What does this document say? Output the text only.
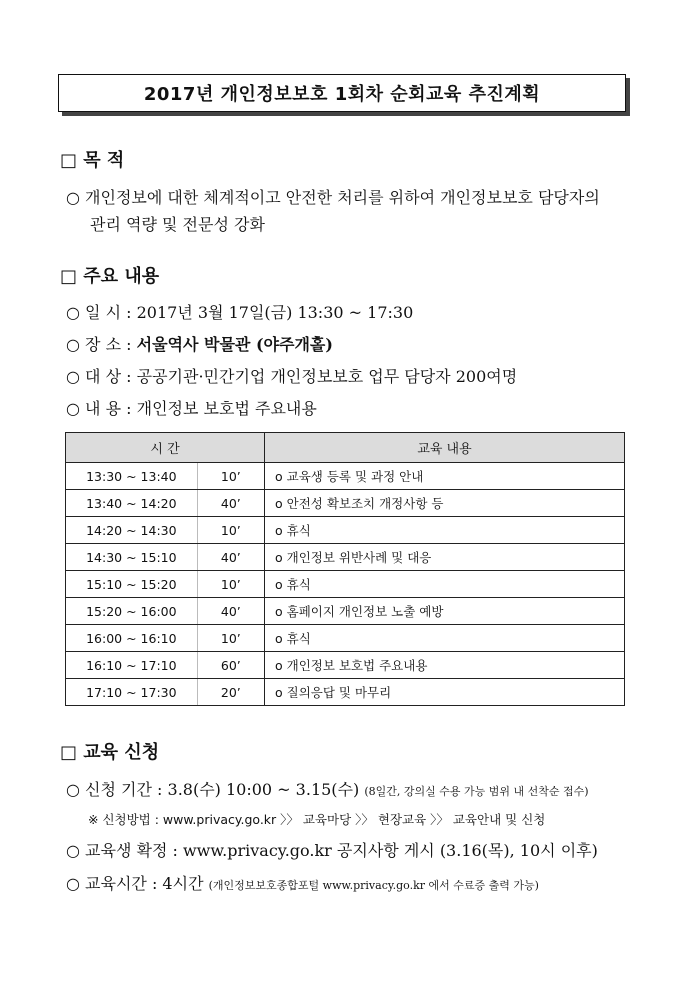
2017년 개인정보보호 1회차 순회교육 추진계획
□ 목 적
○ 개인정보에 대한 체계적이고 안전한 처리를 위하여 개인정보보호 담당자의
관리 역량 및 전문성 강화
□ 주요 내용
○ 일 시 : 2017년 3월 17일(금) 13:30 ~ 17:30
○ 장 소 : 서울역사 박물관 (야주개홀)
○ 대 상 : 공공기관·민간기업 개인정보보호 업무 담당자 200여명
○ 내 용 : 개인정보 보호법 주요내용
시 간		교육 내용
13:30 ~ 13:40	10’	o 교육생 등록 및 과정 안내
13:40 ~ 14:20	40’	o 안전성 확보조치 개정사항 등
14:20 ~ 14:30	10’	o 휴식
14:30 ~ 15:10	40’	o 개인정보 위반사례 및 대응
15:10 ~ 15:20	10’	o 휴식
15:20 ~ 16:00	40’	o 홈페이지 개인정보 노출 예방
16:00 ~ 16:10	10’	o 휴식
16:10 ~ 17:10	60’	o 개인정보 보호법 주요내용
17:10 ~ 17:30	20’	o 질의응답 및 마무리
□ 교육 신청
○ 신청 기간 : 3.8(수) 10:00 ~ 3.15(수) (8일간, 강의실 수용 가능 범위 내 선착순 접수)
※ 신청방법 : www.privacy.go.kr 〉〉 교육마당 〉〉 현장교육 〉〉 교육안내 및 신청
○ 교육생 확정 : www.privacy.go.kr 공지사항 게시 (3.16(목), 10시 이후)
○ 교육시간 : 4시간 (개인정보보호종합포털 www.privacy.go.kr 에서 수료증 출력 가능)
